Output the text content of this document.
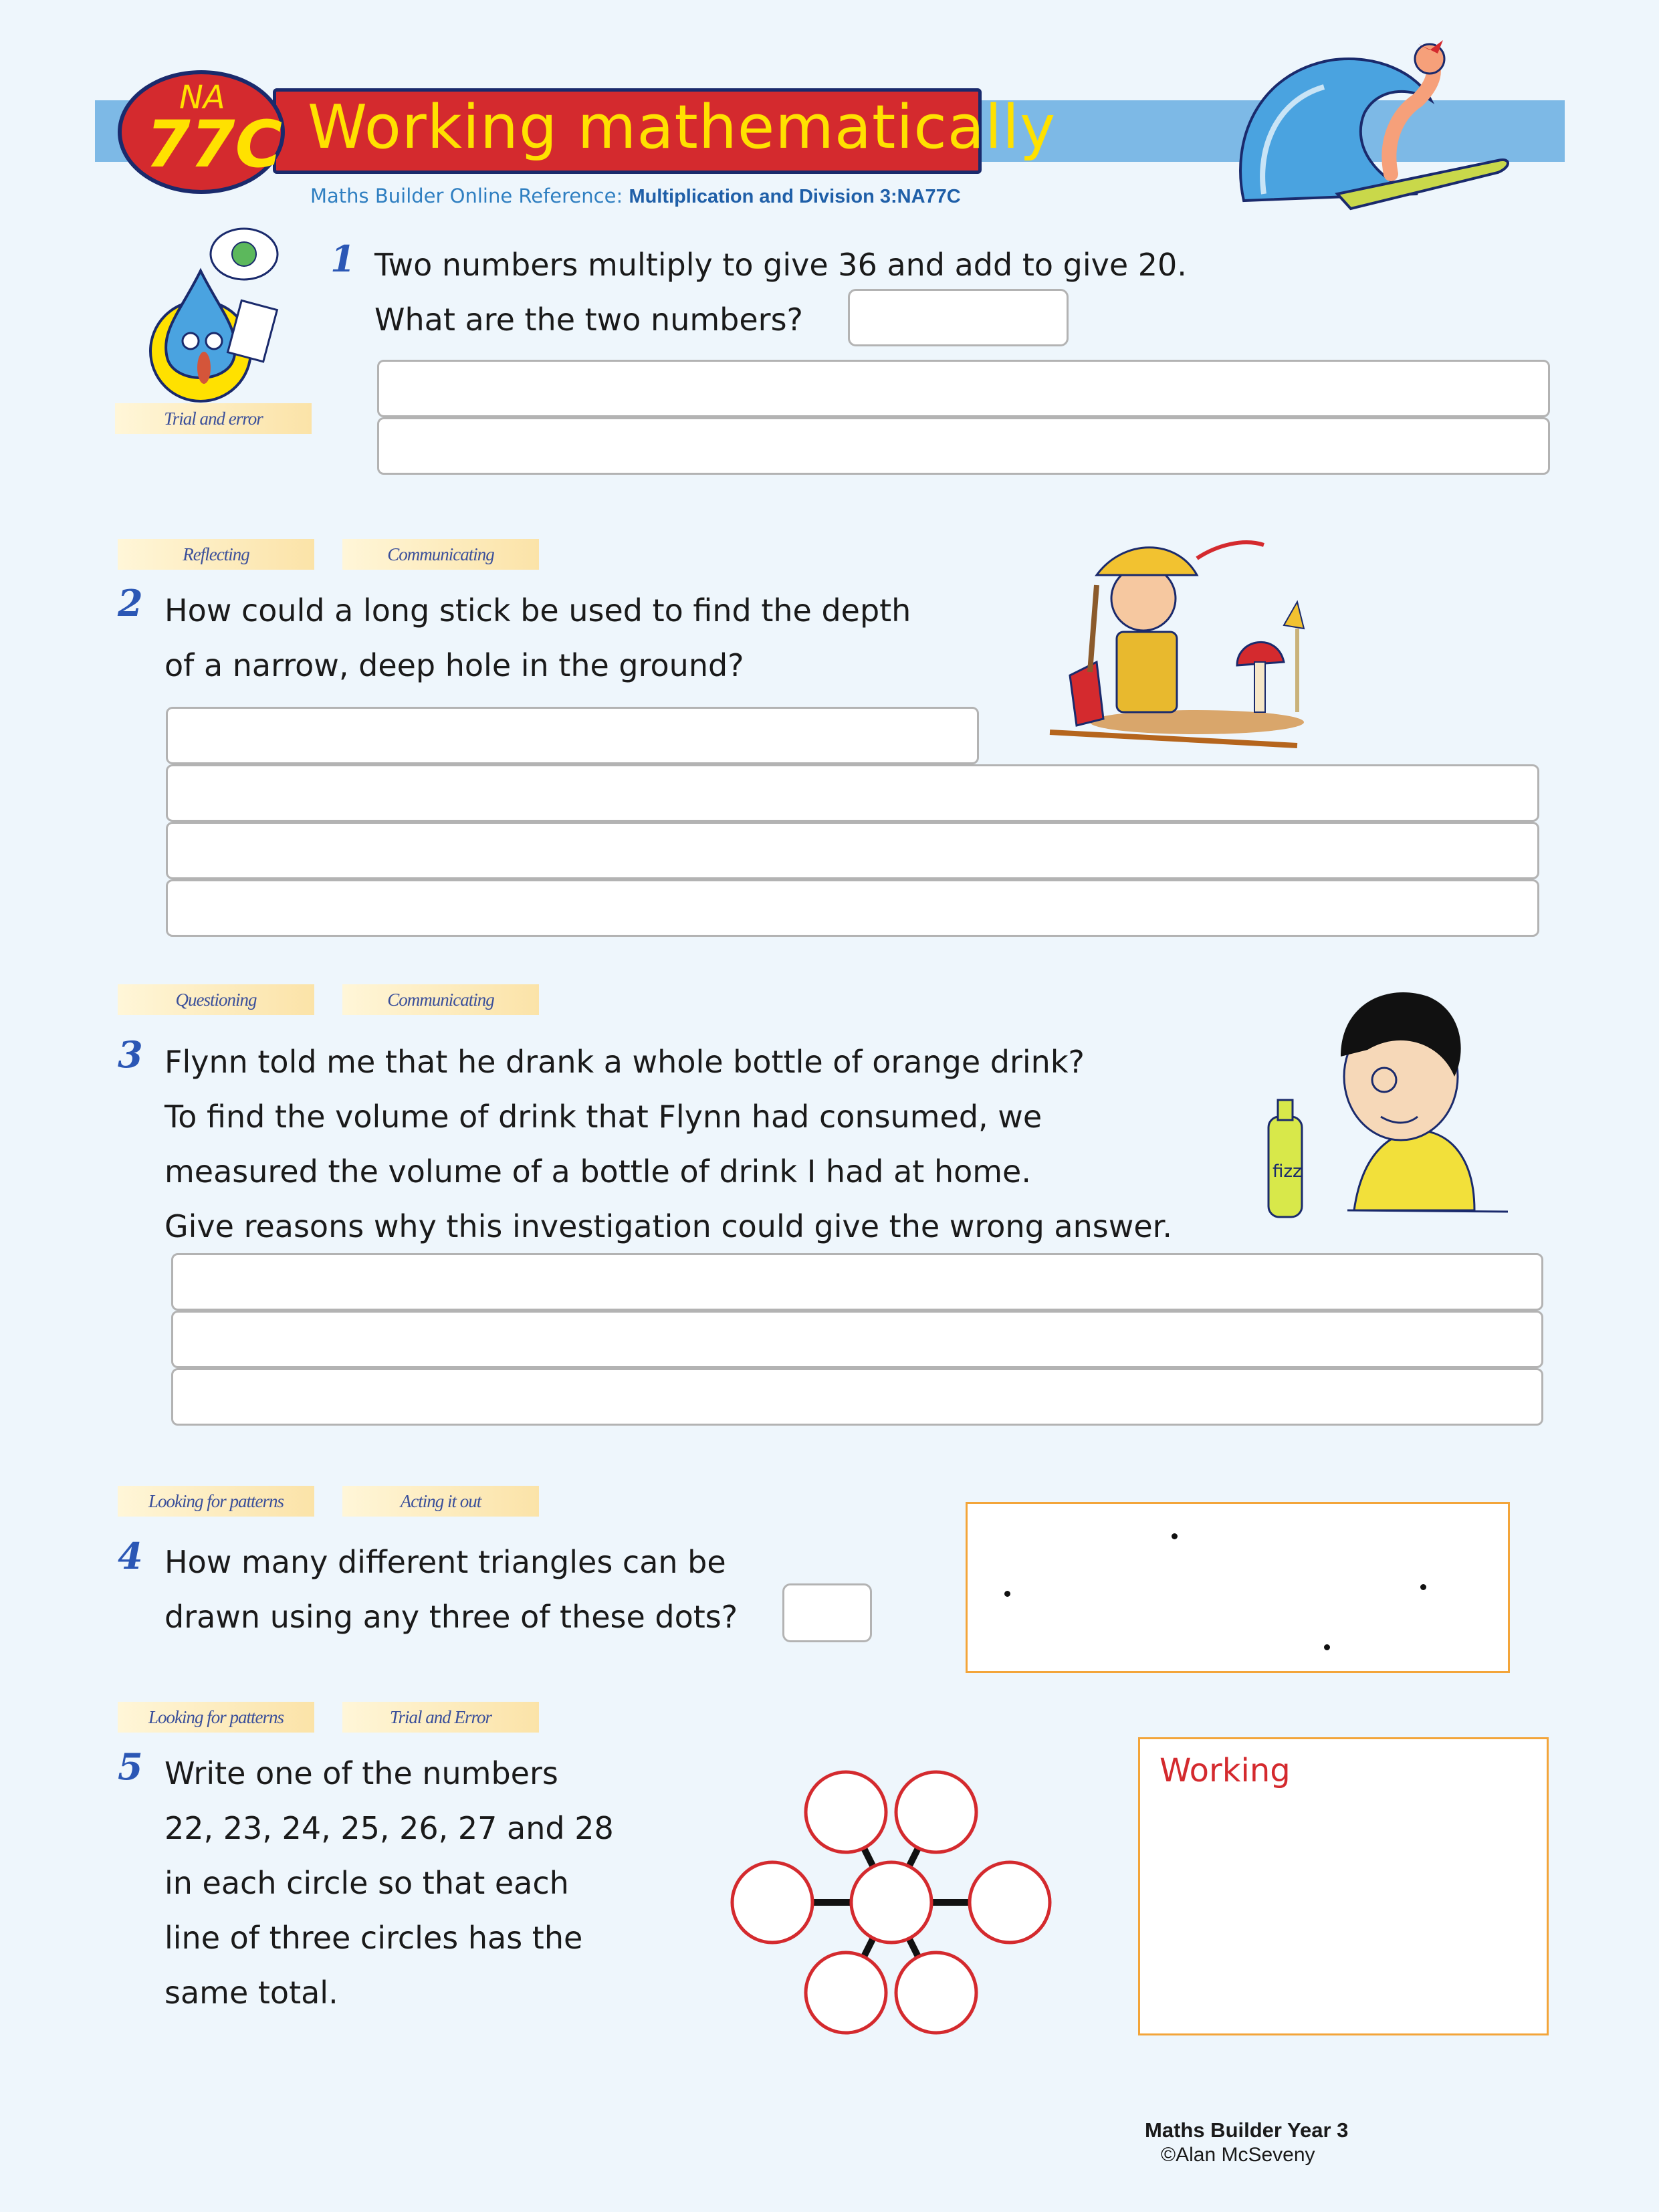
Working mathematically
NA
77C
Maths Builder Online Reference: Multiplication and Division 3:NA77C
Trial and error
1 Two numbers multiply to give 36 and add to give 20.
What are the two numbers?
Reflecting	Communicating
2 How could a long stick be used to find the depth
of a narrow, deep hole in the ground?
Questioning	Communicating
3 Flynn told me that he drank a whole bottle of orange drink?
To find the volume of drink that Flynn had consumed, we
measured the volume of a bottle of drink I had at home.
Give reasons why this investigation could give the wrong answer.
fizz
Looking for patterns	Acting it out
4 How many different triangles can be
drawn using any three of these dots?
Looking for patterns	Trial and Error
5 Write one of the numbers
22, 23, 24, 25, 26, 27 and 28
in each circle so that each
line of three circles has the
same total.
Working
Maths Builder Year 3
©Alan McSeveny
